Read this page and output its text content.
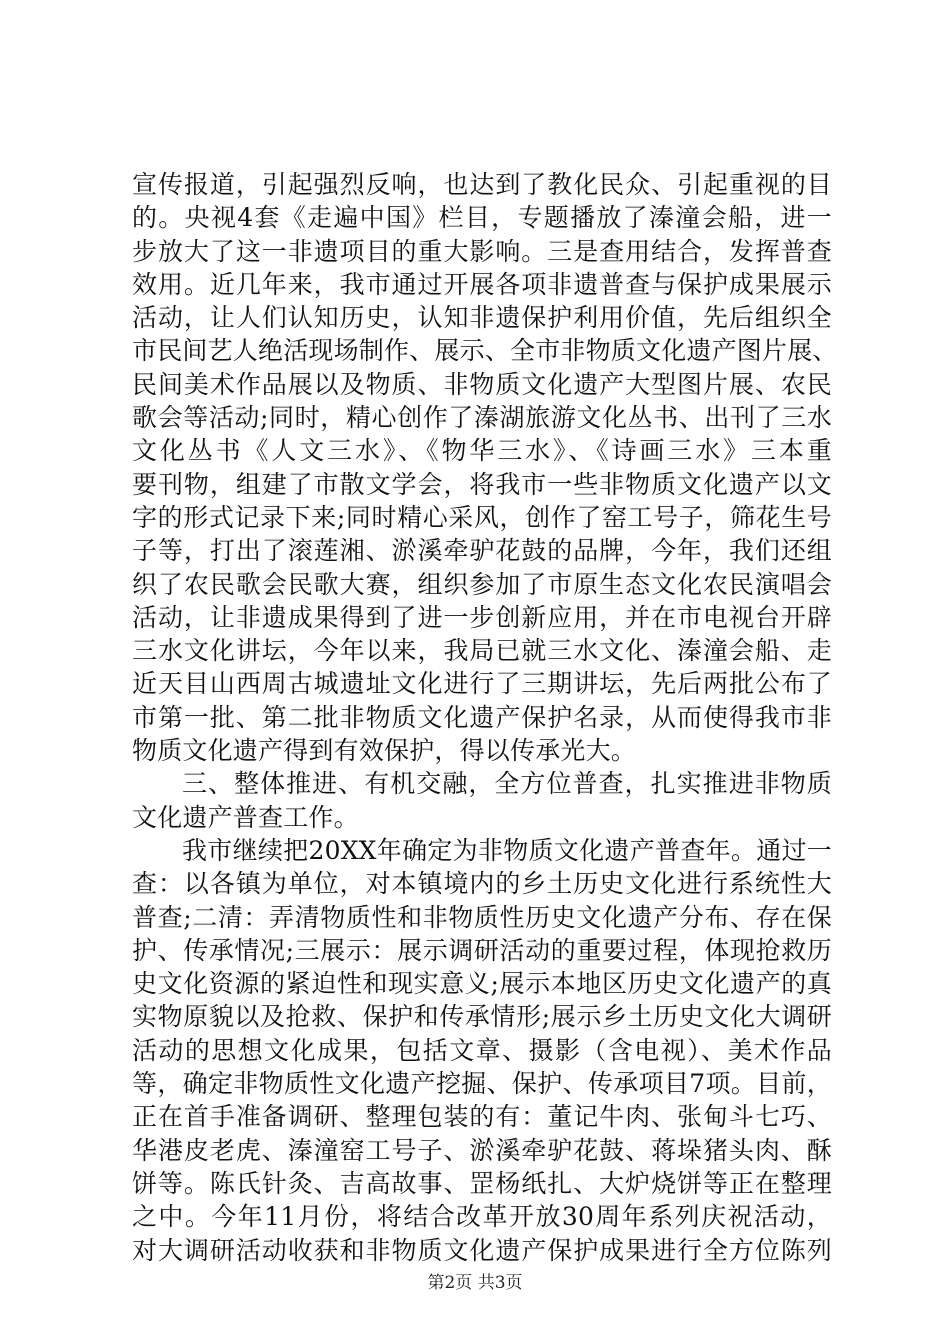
宣传报道，引起强烈反响，也达到了教化民众、引起重视的目
的。央视4套《走遍中国》栏目，专题播放了溱潼会船，进一
步放大了这一非遗项目的重大影响。三是查用结合，发挥普查
效用。近几年来，我市通过开展各项非遗普查与保护成果展示
活动，让人们认知历史，认知非遗保护利用价值，先后组织全
市民间艺人绝活现场制作、展示、全市非物质文化遗产图片展、
民间美术作品展以及物质、非物质文化遗产大型图片展、农民
歌会等活动;同时，精心创作了溱湖旅游文化丛书、出刊了三水
文化丛书《人文三水》、《物华三水》、《诗画三水》三本重
要刊物，组建了市散文学会，将我市一些非物质文化遗产以文
字的形式记录下来;同时精心采风，创作了窑工号子，筛花生号
子等，打出了滚莲湘、淤溪牵驴花鼓的品牌，今年，我们还组
织了农民歌会民歌大赛，组织参加了市原生态文化农民演唱会
活动，让非遗成果得到了进一步创新应用，并在市电视台开辟
三水文化讲坛，今年以来，我局已就三水文化、溱潼会船、走
近天目山西周古城遗址文化进行了三期讲坛，先后两批公布了
市第一批、第二批非物质文化遗产保护名录，从而使得我市非
物质文化遗产得到有效保护，得以传承光大。
三、整体推进、有机交融，全方位普查，扎实推进非物质
文化遗产普查工作。
我市继续把20XX年确定为非物质文化遗产普查年。通过一
查：以各镇为单位，对本镇境内的乡土历史文化进行系统性大
普查;二清：弄清物质性和非物质性历史文化遗产分布、存在保
护、传承情况;三展示：展示调研活动的重要过程，体现抢救历
史文化资源的紧迫性和现实意义;展示本地区历史文化遗产的真
实物原貌以及抢救、保护和传承情形;展示乡土历史文化大调研
活动的思想文化成果，包括文章、摄影（含电视）、美术作品
等，确定非物质性文化遗产挖掘、保护、传承项目7项。目前，
正在首手准备调研、整理包装的有：董记牛肉、张甸斗七巧、
华港皮老虎、溱潼窑工号子、淤溪牵驴花鼓、蒋垛猪头肉、酥
饼等。陈氏针灸、吉高故事、罡杨纸扎、大炉烧饼等正在整理
之中。今年11月份，将结合改革开放30周年系列庆祝活动，
对大调研活动收获和非物质文化遗产保护成果进行全方位陈列
第2页 共3页
